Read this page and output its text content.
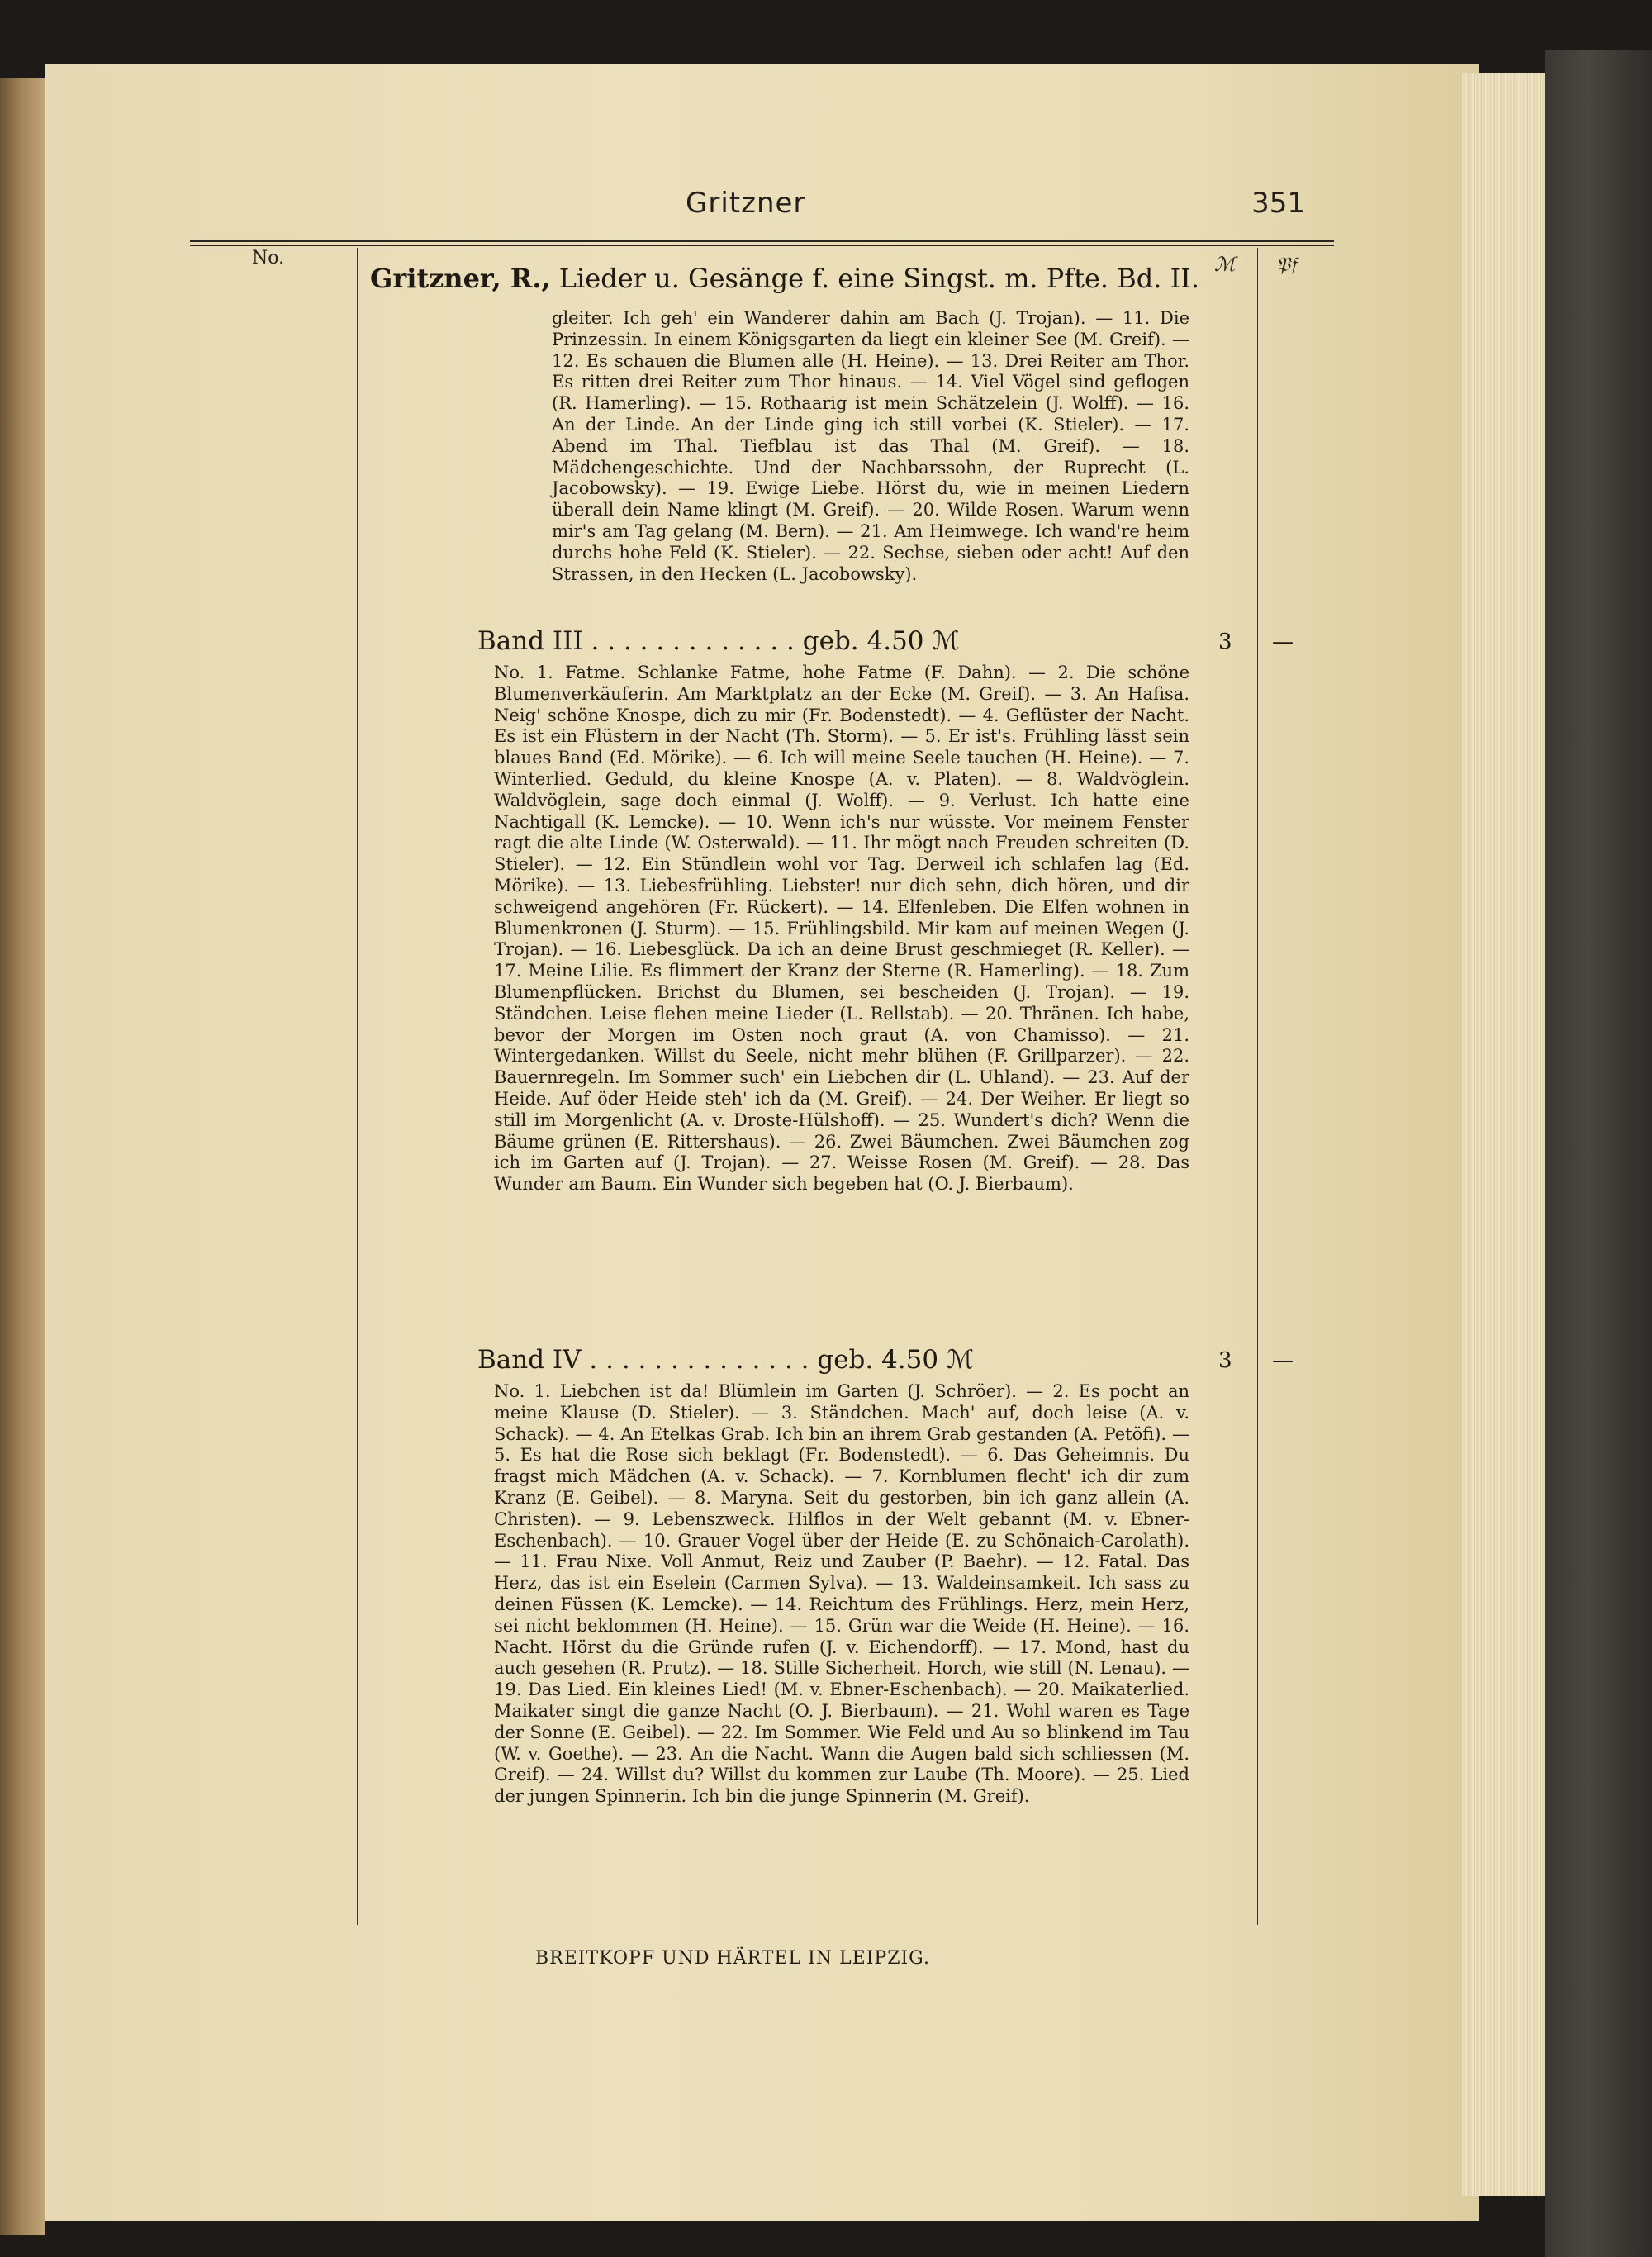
Gritzner	351
No.	ℳ 𝔓𝔣
Gritzner, R., Lieder u. Gesänge f. eine Singst. m. Pfte. Bd. II.
gleiter. Ich geh' ein Wanderer dahin am Bach (J. Trojan). — 11. Die Prinzessin. In einem Königsgarten da liegt ein kleiner See (M. Greif). — 12. Es schauen die Blumen alle (H. Heine). — 13. Drei Reiter am Thor. Es ritten drei Reiter zum Thor hinaus. — 14. Viel Vögel sind geflogen (R. Hamerling). — 15. Rothaarig ist mein Schätzelein (J. Wolff). — 16. An der Linde. An der Linde ging ich still vorbei (K. Stieler). — 17. Abend im Thal. Tiefblau ist das Thal (M. Greif). — 18. Mädchengeschichte. Und der Nachbarssohn, der Ruprecht (L. Jacobowsky). — 19. Ewige Liebe. Hörst du, wie in meinen Liedern überall dein Name klingt (M. Greif). — 20. Wilde Rosen. Warum wenn mir's am Tag gelang (M. Bern). — 21. Am Heimwege. Ich wand're heim durchs hohe Feld (K. Stieler). — 22. Sechse, sieben oder acht! Auf den Strassen, in den Hecken (L. Jacobowsky).
Band III . . . . . . . . . . . . . geb. 4.50 ℳ	3 —
No. 1. Fatme. Schlanke Fatme, hohe Fatme (F. Dahn). — 2. Die schöne Blumenverkäuferin. Am Marktplatz an der Ecke (M. Greif). — 3. An Hafisa. Neig' schöne Knospe, dich zu mir (Fr. Bodenstedt). — 4. Geflüster der Nacht. Es ist ein Flüstern in der Nacht (Th. Storm). — 5. Er ist's. Frühling lässt sein blaues Band (Ed. Mörike). — 6. Ich will meine Seele tauchen (H. Heine). — 7. Winterlied. Geduld, du kleine Knospe (A. v. Platen). — 8. Waldvöglein. Waldvöglein, sage doch einmal (J. Wolff). — 9. Verlust. Ich hatte eine Nachtigall (K. Lemcke). — 10. Wenn ich's nur wüsste. Vor meinem Fenster ragt die alte Linde (W. Osterwald). — 11. Ihr mögt nach Freuden schreiten (D. Stieler). — 12. Ein Stündlein wohl vor Tag. Derweil ich schlafen lag (Ed. Mörike). — 13. Liebesfrühling. Liebster! nur dich sehn, dich hören, und dir schweigend angehören (Fr. Rückert). — 14. Elfenleben. Die Elfen wohnen in Blumenkronen (J. Sturm). — 15. Frühlingsbild. Mir kam auf meinen Wegen (J. Trojan). — 16. Liebesglück. Da ich an deine Brust geschmieget (R. Keller). — 17. Meine Lilie. Es flimmert der Kranz der Sterne (R. Hamerling). — 18. Zum Blumenpflücken. Brichst du Blumen, sei bescheiden (J. Trojan). — 19. Ständchen. Leise flehen meine Lieder (L. Rellstab). — 20. Thränen. Ich habe, bevor der Morgen im Osten noch graut (A. von Chamisso). — 21. Wintergedanken. Willst du Seele, nicht mehr blühen (F. Grillparzer). — 22. Bauernregeln. Im Sommer such' ein Liebchen dir (L. Uhland). — 23. Auf der Heide. Auf öder Heide steh' ich da (M. Greif). — 24. Der Weiher. Er liegt so still im Morgenlicht (A. v. Droste-Hülshoff). — 25. Wundert's dich? Wenn die Bäume grünen (E. Rittershaus). — 26. Zwei Bäumchen. Zwei Bäumchen zog ich im Garten auf (J. Trojan). — 27. Weisse Rosen (M. Greif). — 28. Das Wunder am Baum. Ein Wunder sich begeben hat (O. J. Bierbaum).
Band IV . . . . . . . . . . . . . . geb. 4.50 ℳ	3 —
No. 1. Liebchen ist da! Blümlein im Garten (J. Schröer). — 2. Es pocht an meine Klause (D. Stieler). — 3. Ständchen. Mach' auf, doch leise (A. v. Schack). — 4. An Etelkas Grab. Ich bin an ihrem Grab gestanden (A. Petöfi). — 5. Es hat die Rose sich beklagt (Fr. Bodenstedt). — 6. Das Geheimnis. Du fragst mich Mädchen (A. v. Schack). — 7. Kornblumen flecht' ich dir zum Kranz (E. Geibel). — 8. Maryna. Seit du gestorben, bin ich ganz allein (A. Christen). — 9. Lebenszweck. Hilflos in der Welt gebannt (M. v. Ebner-Eschenbach). — 10. Grauer Vogel über der Heide (E. zu Schönaich-Carolath). — 11. Frau Nixe. Voll Anmut, Reiz und Zauber (P. Baehr). — 12. Fatal. Das Herz, das ist ein Eselein (Carmen Sylva). — 13. Waldeinsamkeit. Ich sass zu deinen Füssen (K. Lemcke). — 14. Reichtum des Frühlings. Herz, mein Herz, sei nicht beklommen (H. Heine). — 15. Grün war die Weide (H. Heine). — 16. Nacht. Hörst du die Gründe rufen (J. v. Eichendorff). — 17. Mond, hast du auch gesehen (R. Prutz). — 18. Stille Sicherheit. Horch, wie still (N. Lenau). — 19. Das Lied. Ein kleines Lied! (M. v. Ebner-Eschenbach). — 20. Maikaterlied. Maikater singt die ganze Nacht (O. J. Bierbaum). — 21. Wohl waren es Tage der Sonne (E. Geibel). — 22. Im Sommer. Wie Feld und Au so blinkend im Tau (W. v. Goethe). — 23. An die Nacht. Wann die Augen bald sich schliessen (M. Greif). — 24. Willst du? Willst du kommen zur Laube (Th. Moore). — 25. Lied der jungen Spinnerin. Ich bin die junge Spinnerin (M. Greif).
BREITKOPF UND HÄRTEL IN LEIPZIG.
